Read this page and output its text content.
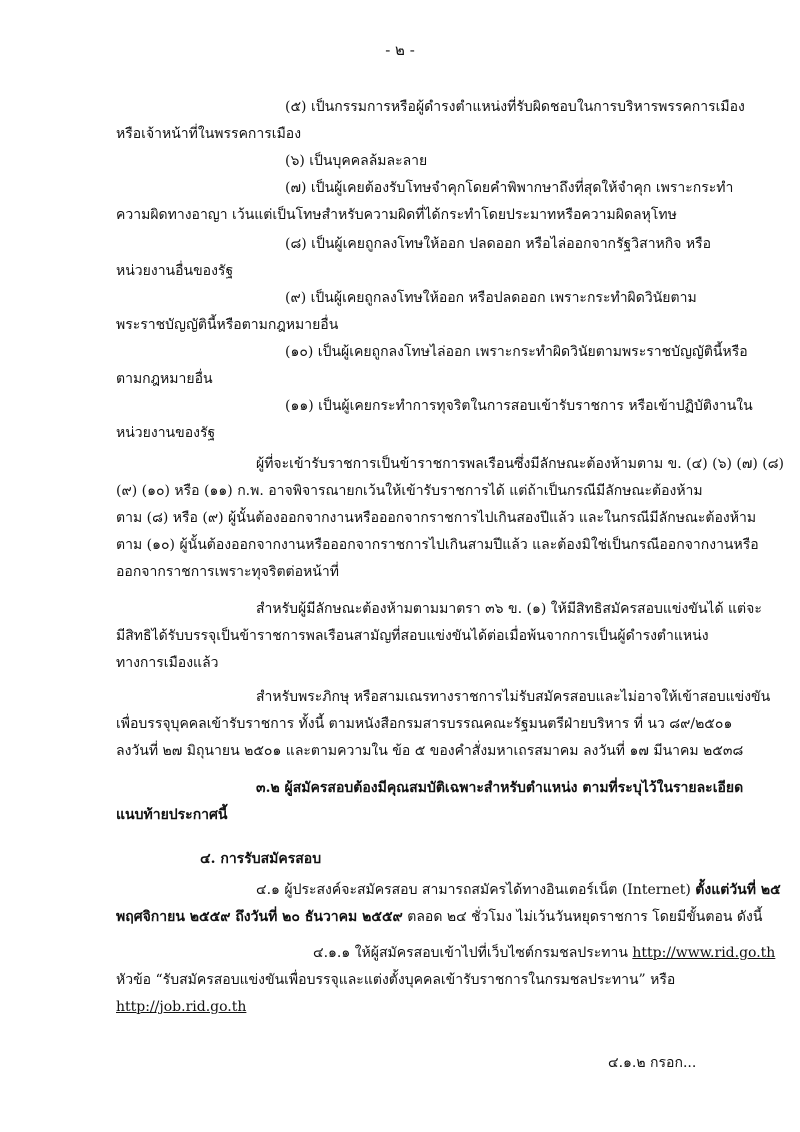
- ๒ -
(๕) เป็นกรรมการหรือผู้ดำรงตำแหน่งที่รับผิดชอบในการบริหารพรรคการเมือง
หรือเจ้าหน้าที่ในพรรคการเมือง
(๖) เป็นบุคคลล้มละลาย
(๗) เป็นผู้เคยต้องรับโทษจำคุกโดยคำพิพากษาถึงที่สุดให้จำคุก เพราะกระทำ
ความผิดทางอาญา เว้นแต่เป็นโทษสำหรับความผิดที่ได้กระทำโดยประมาทหรือความผิดลหุโทษ
(๘) เป็นผู้เคยถูกลงโทษให้ออก ปลดออก หรือไล่ออกจากรัฐวิสาหกิจ หรือ
หน่วยงานอื่นของรัฐ
(๙) เป็นผู้เคยถูกลงโทษให้ออก หรือปลดออก เพราะกระทำผิดวินัยตาม
พระราชบัญญัตินี้หรือตามกฎหมายอื่น
(๑๐) เป็นผู้เคยถูกลงโทษไล่ออก เพราะกระทำผิดวินัยตามพระราชบัญญัตินี้หรือ
ตามกฎหมายอื่น
(๑๑) เป็นผู้เคยกระทำการทุจริตในการสอบเข้ารับราชการ หรือเข้าปฏิบัติงานใน
หน่วยงานของรัฐ
ผู้ที่จะเข้ารับราชการเป็นข้าราชการพลเรือนซึ่งมีลักษณะต้องห้ามตาม ข. (๔) (๖) (๗) (๘)
(๙) (๑๐) หรือ (๑๑) ก.พ. อาจพิจารณายกเว้นให้เข้ารับราชการได้ แต่ถ้าเป็นกรณีมีลักษณะต้องห้าม
ตาม (๘) หรือ (๙) ผู้นั้นต้องออกจากงานหรือออกจากราชการไปเกินสองปีแล้ว และในกรณีมีลักษณะต้องห้าม
ตาม (๑๐) ผู้นั้นต้องออกจากงานหรือออกจากราชการไปเกินสามปีแล้ว และต้องมิใช่เป็นกรณีออกจากงานหรือ
ออกจากราชการเพราะทุจริตต่อหน้าที่
สำหรับผู้มีลักษณะต้องห้ามตามมาตรา ๓๖ ข. (๑) ให้มีสิทธิสมัครสอบแข่งขันได้ แต่จะ
มีสิทธิได้รับบรรจุเป็นข้าราชการพลเรือนสามัญที่สอบแข่งขันได้ต่อเมื่อพ้นจากการเป็นผู้ดำรงตำแหน่ง
ทางการเมืองแล้ว
สำหรับพระภิกษุ หรือสามเณรทางราชการไม่รับสมัครสอบและไม่อาจให้เข้าสอบแข่งขัน
เพื่อบรรจุบุคคลเข้ารับราชการ ทั้งนี้ ตามหนังสือกรมสารบรรณคณะรัฐมนตรีฝ่ายบริหาร ที่ นว ๘๙/๒๕๐๑
ลงวันที่ ๒๗ มิถุนายน ๒๕๐๑ และตามความใน ข้อ ๕ ของคำสั่งมหาเถรสมาคม ลงวันที่ ๑๗ มีนาคม ๒๕๓๘
๓.๒ ผู้สมัครสอบต้องมีคุณสมบัติเฉพาะสำหรับตำแหน่ง ตามที่ระบุไว้ในรายละเอียด
แนบท้ายประกาศนี้
๔. การรับสมัครสอบ
๔.๑ ผู้ประสงค์จะสมัครสอบ สามารถสมัครได้ทางอินเตอร์เน็ต (Internet) ตั้งแต่วันที่ ๒๕
พฤศจิกายน ๒๕๕๙ ถึงวันที่ ๒๐ ธันวาคม ๒๕๕๙ ตลอด ๒๔ ชั่วโมง ไม่เว้นวันหยุดราชการ โดยมีขั้นตอน ดังนี้
๔.๑.๑ ให้ผู้สมัครสอบเข้าไปที่เว็บไซต์กรมชลประทาน http://www.rid.go.th
หัวข้อ “รับสมัครสอบแข่งขันเพื่อบรรจุและแต่งตั้งบุคคลเข้ารับราชการในกรมชลประทาน” หรือ
http://job.rid.go.th
๔.๑.๒ กรอก...
